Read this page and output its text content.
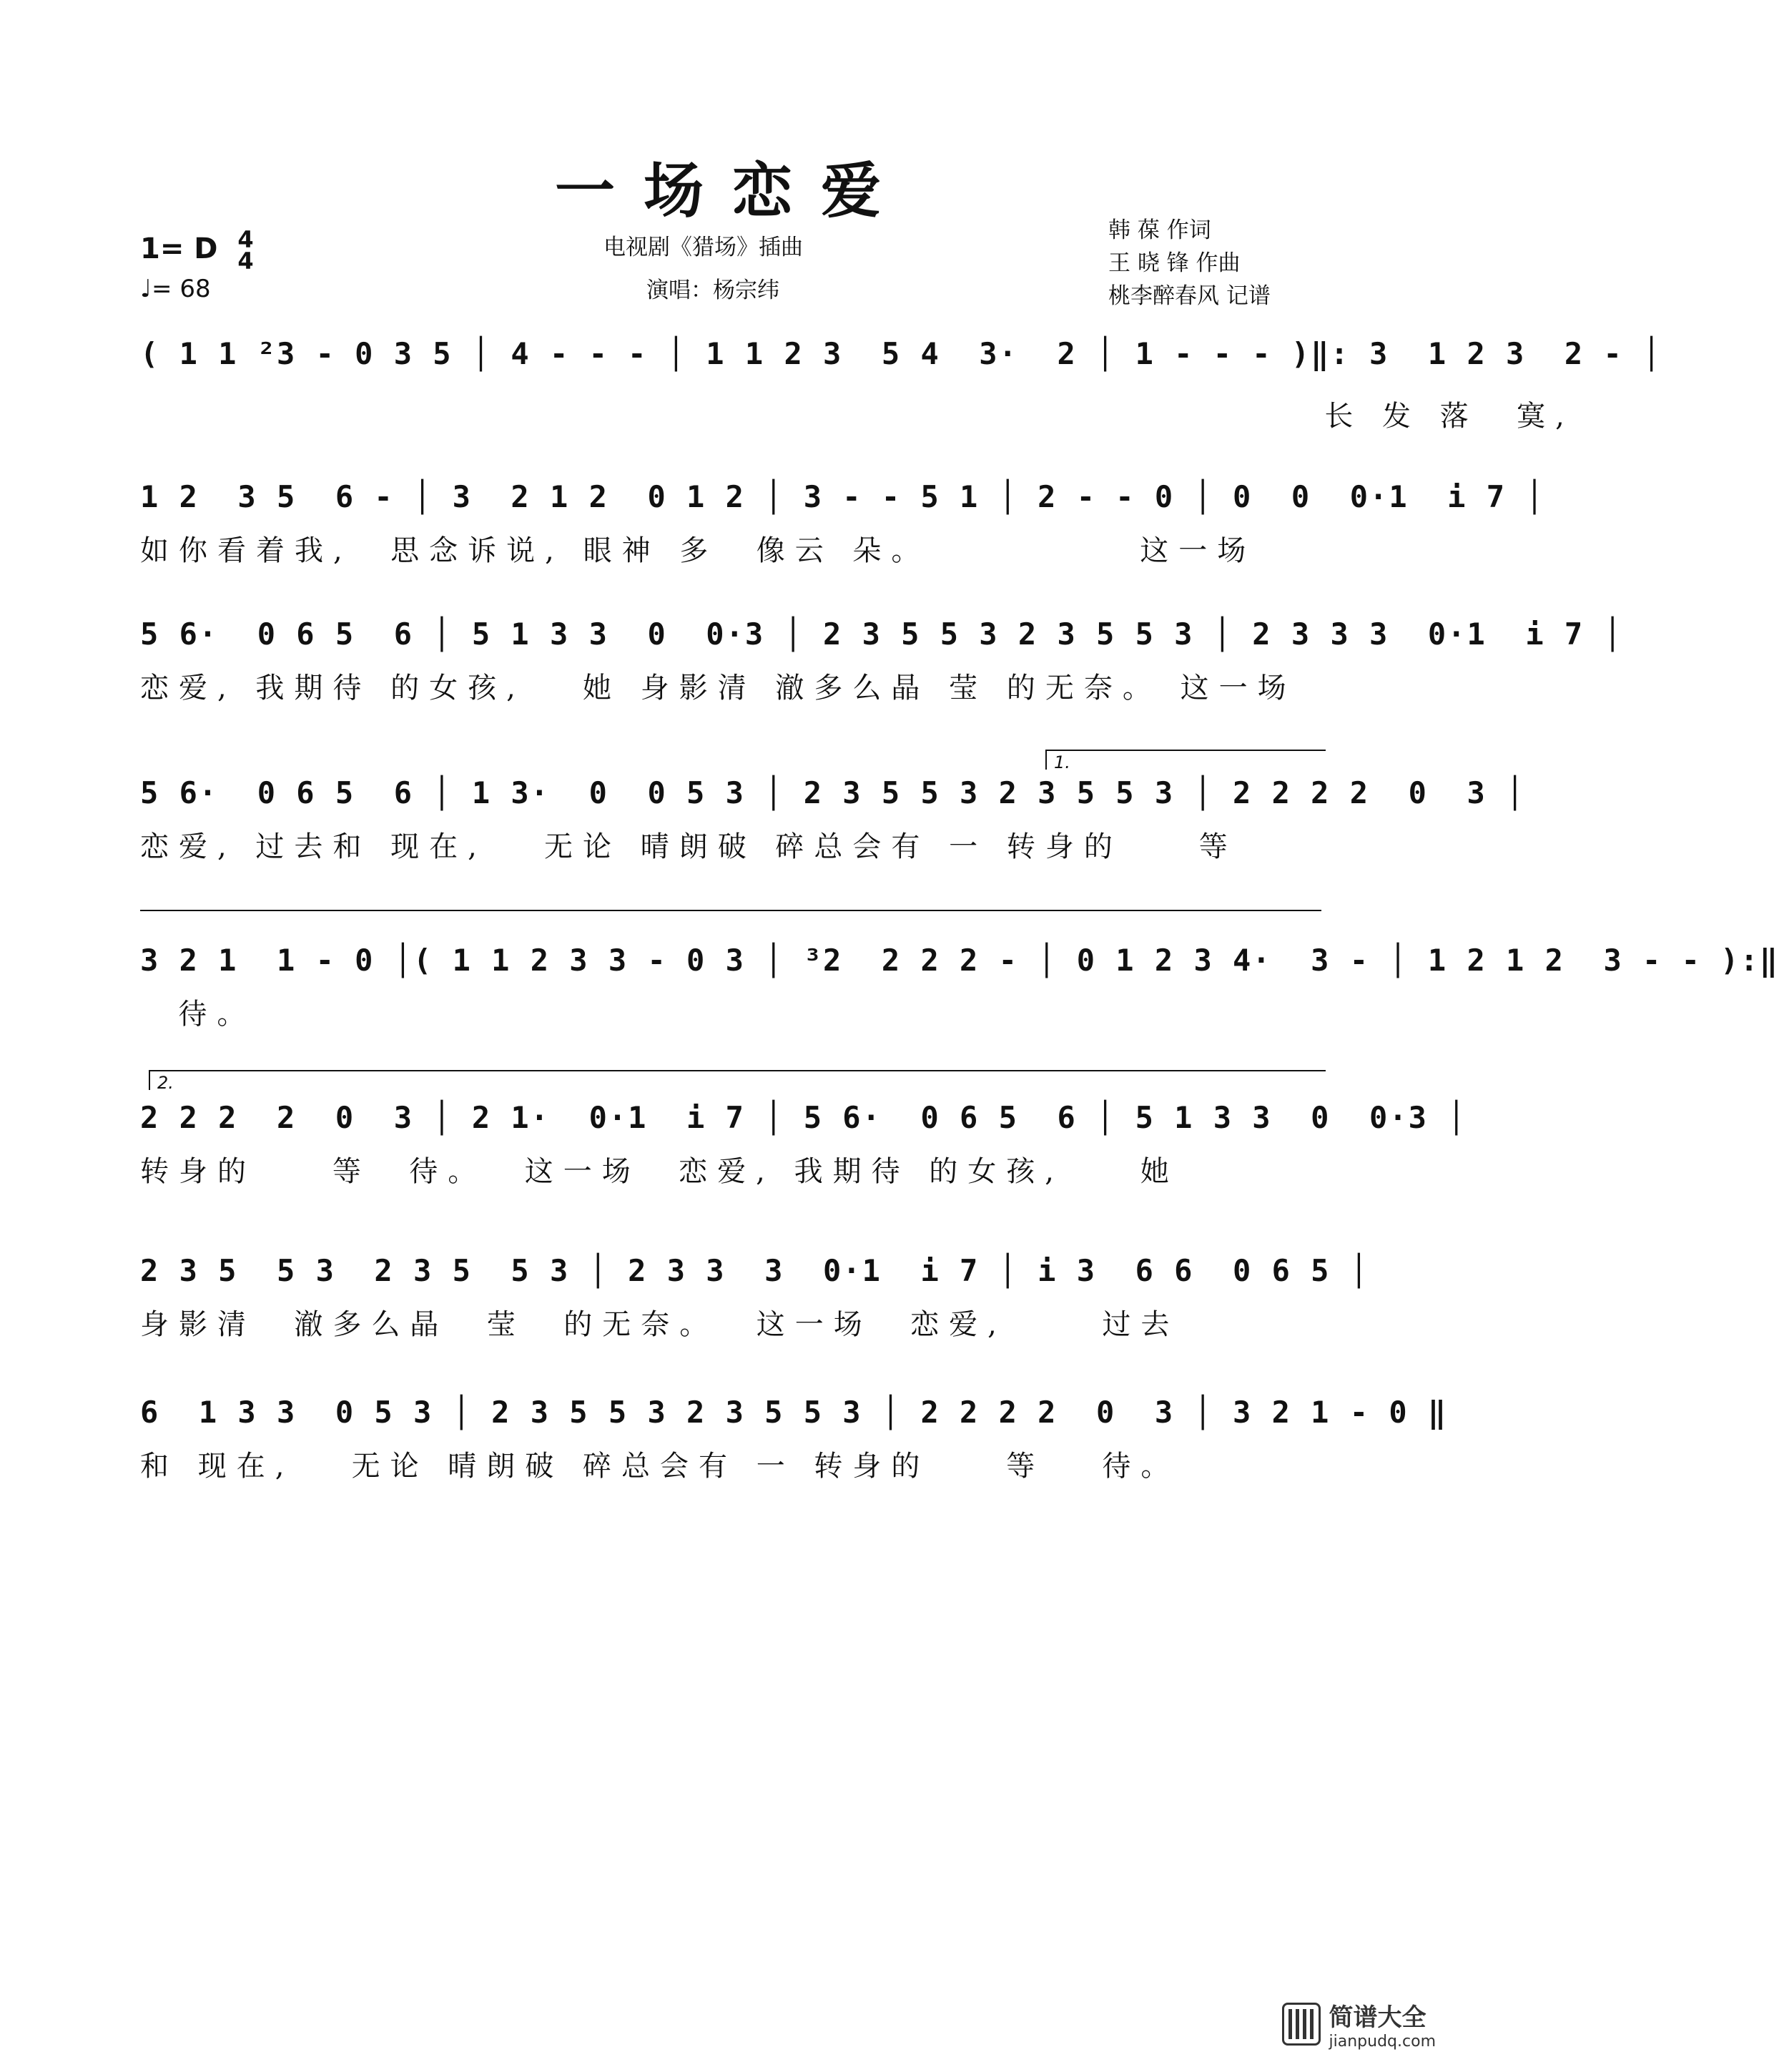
一场恋爱
电视剧《猎场》插曲
演唱：杨宗纬
1= D 4
4
♩= 68
韩 葆 作词
王 晓 锋 作曲
桃李醉春风 记谱
( 1 1 ²3 - 0 3 5 │ 4 - - - │ 1 1 2 3  5 4  3·  2 │ 1 - - - )‖: 3  1 2 3  2 - │
长 发 落  寞,
1 2  3 5  6 - │ 3  2 1 2  0 1 2 │ 3 - - 5 1 │ 2 - - 0 │ 0  0  0·1  i 7 │
如你看着我,  思念诉说, 眼神 多  像云 朵。           这一场
5 6·  0 6 5  6 │ 5 1 3 3  0  0·3 │ 2 3 5 5 3 2 3 5 5 3 │ 2 3 3 3  0·1  i 7 │
恋爱, 我期待 的女孩,   她 身影清 澈多么晶 莹 的无奈。 这一场
1.
5 6·  0 6 5  6 │ 1 3·  0  0 5 3 │ 2 3 5 5 3 2 3 5 5 3 │ 2 2 2 2  0  3 │
恋爱, 过去和 现在,   无论 晴朗破 碎总会有 一 转身的    等
3 2 1  1 - 0 │( 1 1 2 3 3 - 0 3 │ ³2  2 2 2 - │ 0 1 2 3 4·  3 - │ 1 2 1 2  3 - - ):‖
待。
2.
2 2 2  2  0  3 │ 2 1·  0·1  i 7 │ 5 6·  0 6 5  6 │ 5 1 3 3  0  0·3 │
转身的    等  待。  这一场  恋爱, 我期待 的女孩,    她
2 3 5  5 3  2 3 5  5 3 │ 2 3 3  3  0·1  i 7 │ i 3  6 6  0 6 5 │
身影清  澈多么晶  莹  的无奈。  这一场  恋爱,     过去
6  1 3 3  0 5 3 │ 2 3 5 5 3 2 3 5 5 3 │ 2 2 2 2  0  3 │ 3 2 1 - 0 ‖
和 现在,   无论 晴朗破 碎总会有 一 转身的    等   待。
简谱大全
jianpudq.com
